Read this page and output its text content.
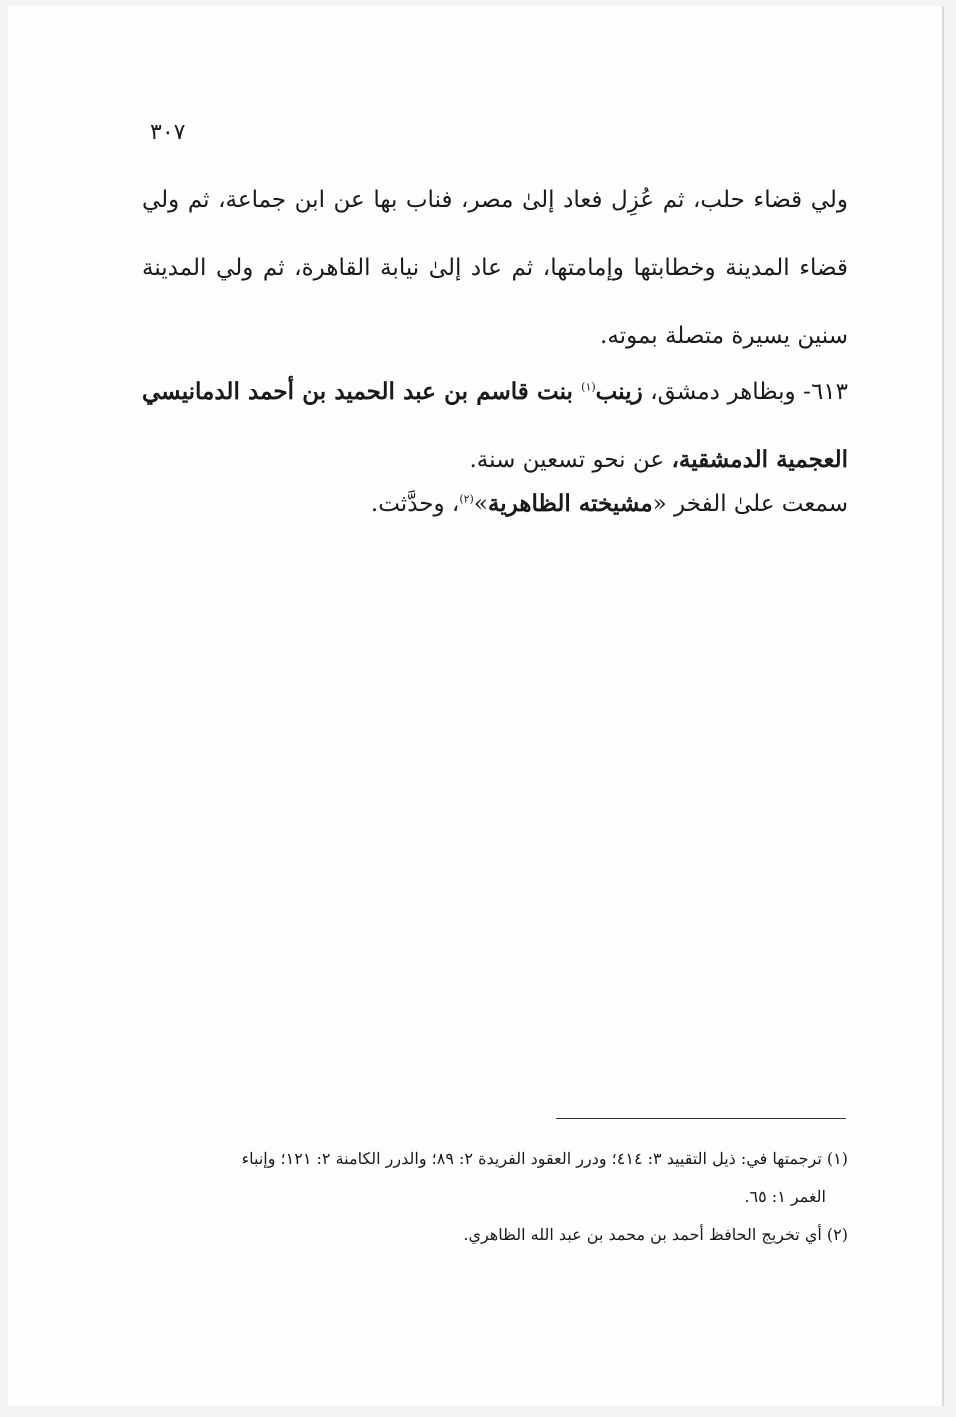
٣٠٧

ولي قضاء حلب، ثم عُزِل فعاد إلىٰ مصر، فناب بها عن ابن جماعة، ثم ولي قضاء المدينة وخطابتها وإمامتها، ثم عاد إلىٰ نيابة القاهرة، ثم ولي المدينة سنين يسيرة متصلة بموته.

٦١٣- وبظاهر دمشق، زينب$^{(١)}$ بنت قاسم بن عبد الحميد بن أحمد الدمانيسي العجمية الدمشقية، عن نحو تسعين سنة.

سمعت علىٰ الفخر «مشيخته الظاهرية»$^{(٢)}$، وحدَّثت.

(١) ترجمتها في: ذيل التقييد ٣: ٤١٤؛ ودرر العقود الفريدة ٢: ٨٩؛ والدرر الكامنة ٢: ١٢١؛ وإنباء
الغمر ١: ٦٥.

(٢) أي تخريج الحافظ أحمد بن محمد بن عبد الله الظاهري.
